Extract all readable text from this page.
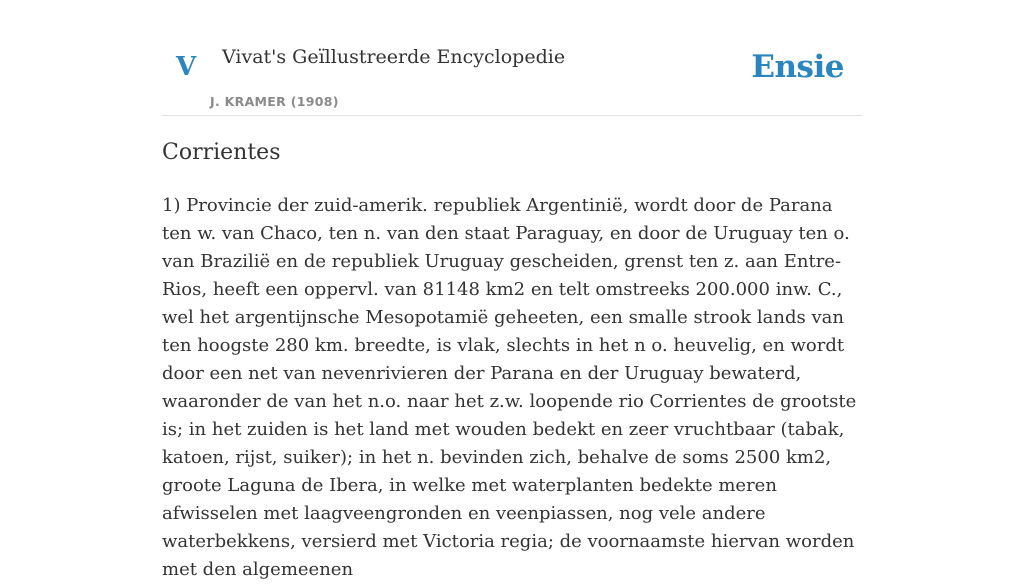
V Vivat's Geïllustreerde Encyclopedie
J. KRAMER (1908)
Ensie
Corrientes

1) Provincie der zuid-amerik. republiek Argentinië, wordt door de Parana ten w. van Chaco, ten n. van den staat Paraguay, en door de Uruguay ten o. van Brazilië en de republiek Uruguay gescheiden, grenst ten z. aan Entre-Rios, heeft een oppervl. van 81148 km2 en telt omstreeks 200.000 inw. C., wel het argentijnsche Mesopotamië geheeten, een smalle strook lands van ten hoogste 280 km. breedte, is vlak, slechts in het n o. heuvelig, en wordt door een net van nevenrivieren der Parana en der Uruguay bewaterd, waaronder de van het n.o. naar het z.w. loopende rio Corrientes de grootste is; in het zuiden is het land met wouden bedekt en zeer vruchtbaar (tabak, katoen, rijst, suiker); in het n. bevinden zich, behalve de soms 2500 km2, groote Laguna de Ibera, in welke met waterplanten bedekte meren afwisselen met laagveengronden en veenpiassen, nog vele andere waterbekkens, versierd met Victoria regia; de voornaamste hiervan worden met den algemeenen
